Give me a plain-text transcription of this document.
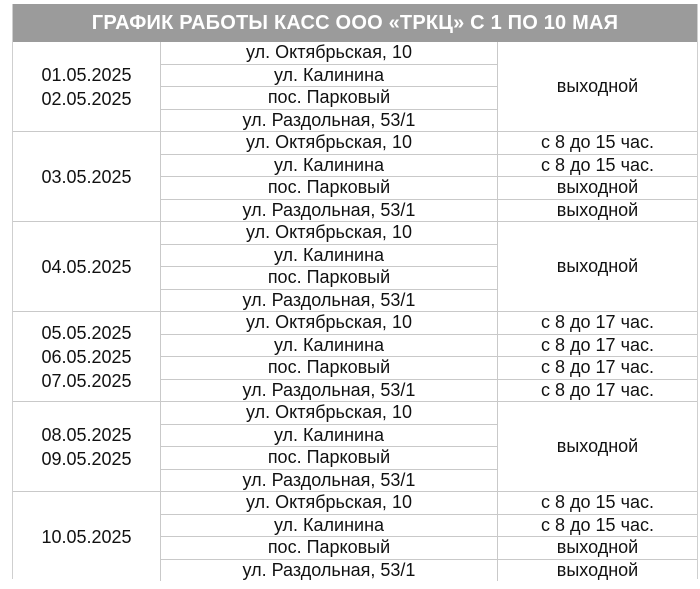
ГРАФИК РАБОТЫ КАСС ООО «ТРКЦ» С 1 ПО 10 МАЯ
01.05.2025
02.05.2025
ул. Октябрьская, 10
ул. Калинина
пос. Парковый
ул. Раздольная, 53/1
выходной
03.05.2025
ул. Октябрьская, 10
ул. Калинина
пос. Парковый
ул. Раздольная, 53/1
с 8 до 15 час.
с 8 до 15 час.
выходной
выходной
04.05.2025
ул. Октябрьская, 10
ул. Калинина
пос. Парковый
ул. Раздольная, 53/1
выходной
05.05.2025
06.05.2025
07.05.2025
ул. Октябрьская, 10
ул. Калинина
пос. Парковый
ул. Раздольная, 53/1
с 8 до 17 час.
с 8 до 17 час.
с 8 до 17 час.
с 8 до 17 час.
08.05.2025
09.05.2025
ул. Октябрьская, 10
ул. Калинина
пос. Парковый
ул. Раздольная, 53/1
выходной
10.05.2025
ул. Октябрьская, 10
ул. Калинина
пос. Парковый
ул. Раздольная, 53/1
с 8 до 15 час.
с 8 до 15 час.
выходной
выходной
